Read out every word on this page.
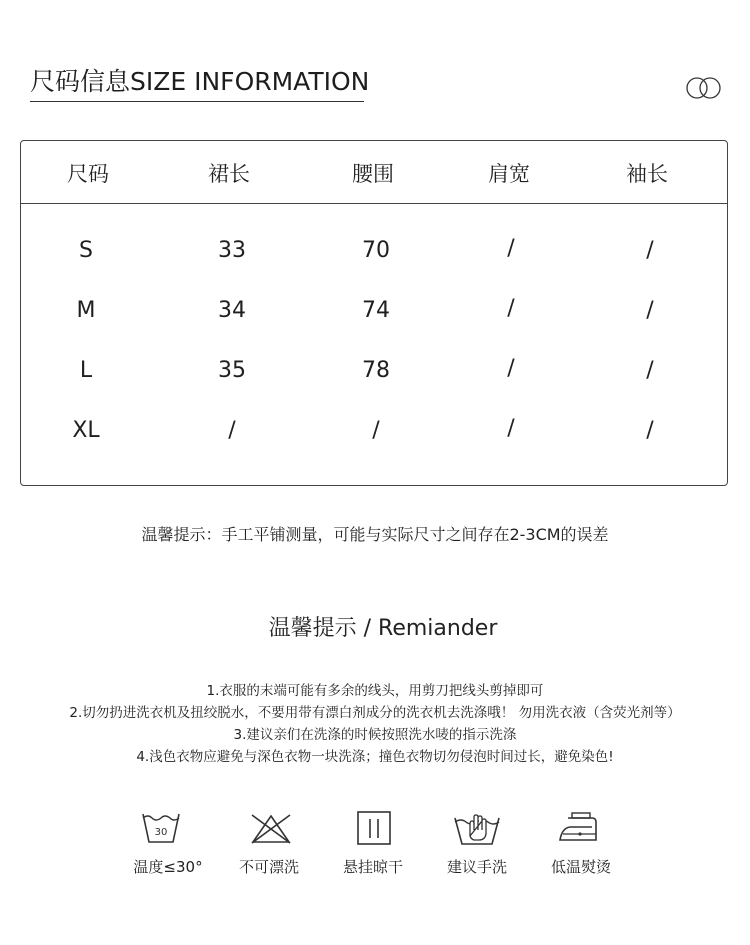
尺码信息SIZE INFORMATION
尺码	裙长	腰围	肩宽	袖长
S	33	70	/	/
M	34	74	/	/
L	35	78	/	/
XL	/	/	/	/
温馨提示：手工平铺测量，可能与实际尺寸之间存在2-3CM的误差
温馨提示 / Remiander
1.衣服的末端可能有多余的线头，用剪刀把线头剪掉即可
2.切勿扔进洗衣机及扭绞脱水，不要用带有漂白剂成分的洗衣机去洗涤哦！ 勿用洗衣液（含荧光剂等）
3.建议亲们在洗涤的时候按照洗水唛的指示洗涤
4.浅色衣物应避免与深色衣物一块洗涤；撞色衣物切勿侵泡时间过长，避免染色!
30
温度≤30°	不可漂洗	悬挂晾干	建议手洗	低温熨烫
